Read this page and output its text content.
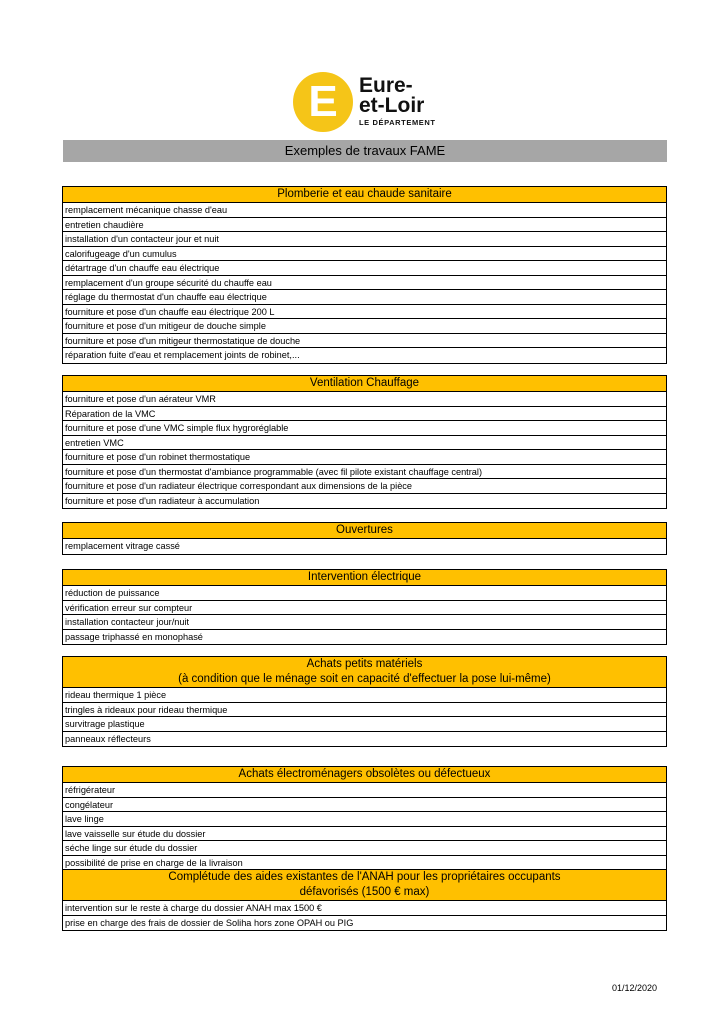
E	Eure-
et-Loir
LE DÉPARTEMENT
Exemples de travaux FAME
Plomberie et eau chaude sanitaire
remplacement mécanique chasse d'eau
entretien chaudière
installation d'un contacteur jour et nuit
calorifugeage d'un cumulus
détartrage d'un chauffe eau électrique
remplacement d'un groupe sécurité du chauffe eau
réglage du thermostat d'un chauffe eau électrique
fourniture et pose d'un chauffe eau électrique 200 L
fourniture et pose d'un mitigeur de douche simple
fourniture et pose d'un mitigeur thermostatique de douche
réparation fuite d'eau et remplacement joints de robinet,...
Ventilation Chauffage
fourniture et pose d'un aérateur VMR
Réparation de la VMC
fourniture et pose d'une VMC simple flux hygroréglable
entretien VMC
fourniture et pose d'un robinet thermostatique
fourniture et pose d'un thermostat d'ambiance programmable (avec fil pilote existant chauffage central)
fourniture et pose d'un radiateur électrique correspondant aux dimensions de la pièce
fourniture et pose d'un radiateur à accumulation
Ouvertures
remplacement vitrage cassé
Intervention électrique
réduction de puissance
vérification erreur sur compteur
installation contacteur jour/nuit
passage triphassé en monophasé
Achats petits matériels
(à condition que le ménage soit en capacité d'effectuer la pose lui-même)
rideau thermique 1 pièce
tringles à rideaux pour rideau thermique
survitrage plastique
panneaux réflecteurs
Achats électroménagers obsolètes ou défectueux
réfrigérateur
congélateur
lave linge
lave vaisselle sur étude du dossier
séche linge sur étude du dossier
possibilité de prise en charge de la livraison
Complétude des aides existantes de l'ANAH pour les propriétaires occupants
défavorisés (1500 € max)
intervention sur le reste à charge du dossier ANAH max 1500 €
prise en charge des frais de dossier de Soliha hors zone OPAH ou PIG
01/12/2020
